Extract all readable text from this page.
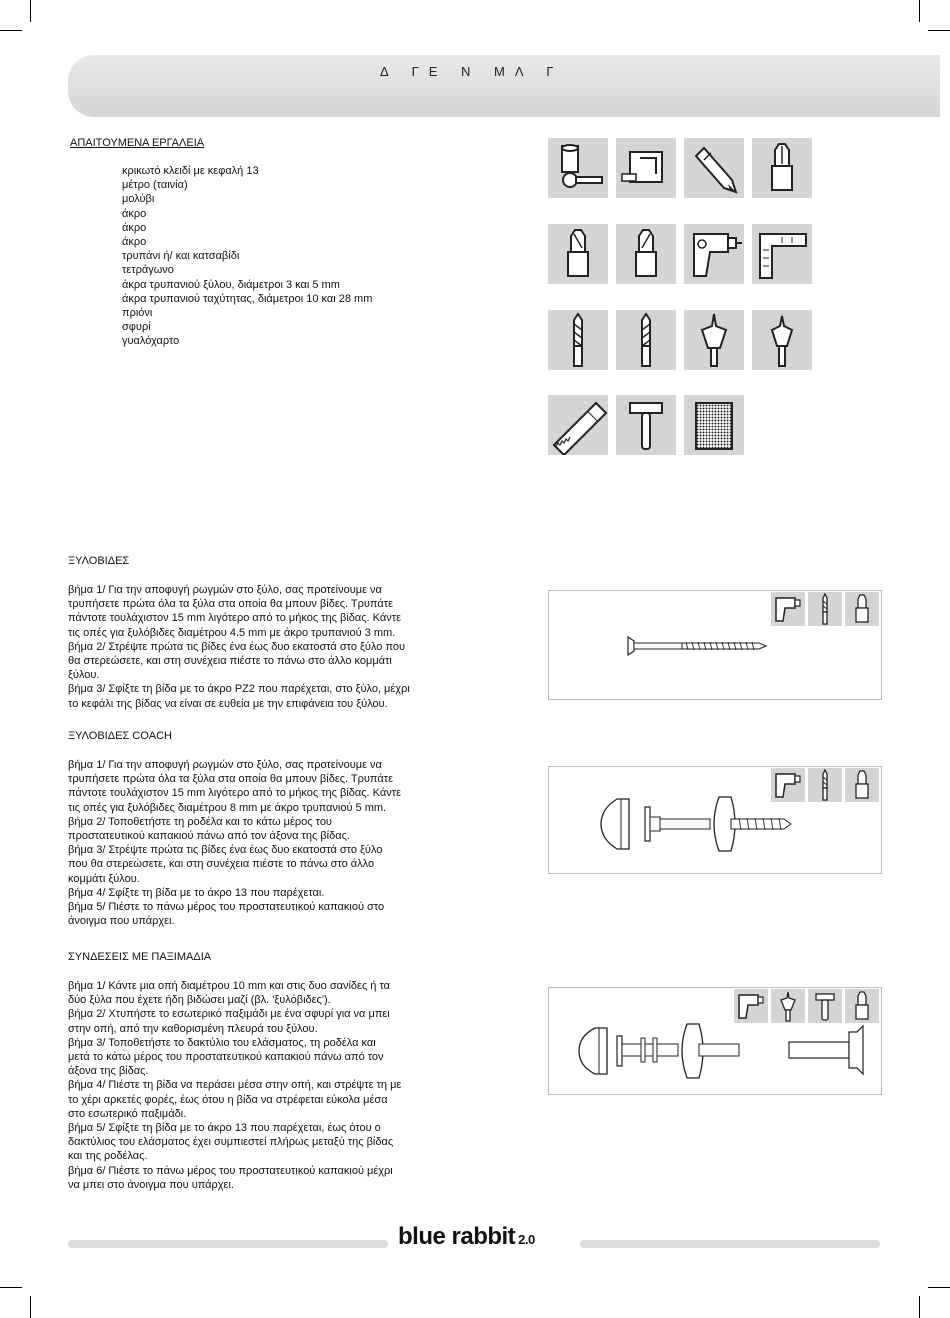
Δ ΓΕ Ν ΜΛ Γ
ΑΠΑΙΤΟΥΜΕΝΑ ΕΡΓΑΛΕΙΑ
κρικωτό κλειδί με κεφαλή 13
μέτρο (ταινία)
μολύβι
άκρο
άκρο
άκρο
τρυπάνι ή/ και κατσαβίδι
τετράγωνο
άκρα τρυπανιού ξύλου, διάμετροι 3 και 5 mm
άκρα τρυπανιού ταχύτητας, διάμετροι 10 και 28 mm
πριόνι
σφυρί
γυαλόχαρτο
ΞΥΛΟΒΙΔΕΣ
βήμα 1/ Για την αποφυγή ρωγμών στο ξύλο, σας προτείνουμε να
τρυπήσετε πρώτα όλα τα ξύλα στα οποία θα μπουν βίδες. Τρυπάτε
πάντοτε τουλάχιστον 15 mm λιγότερο από το μήκος της βίδας. Κάντε
τις οπές για ξυλόβιδες διαμέτρου 4.5 mm με άκρο τρυπανιού 3 mm.
βήμα 2/ Στρέψτε πρώτα τις βίδες ένα έως δυο εκατοστά στο ξύλο που
θα στερεώσετε, και στη συνέχεια πιέστε το πάνω στο άλλο κομμάτι
ξύλου.
βήμα 3/ Σφίξτε τη βίδα με το άκρο PZ2 που παρέχεται, στο ξύλο, μέχρι
το κεφάλι της βίδας να είναι σε ευθεία με την επιφάνεια του ξύλου.
ΞΥΛΟΒΙΔΕΣ COACH
βήμα 1/ Για την αποφυγή ρωγμών στο ξύλο, σας προτείνουμε να
τρυπήσετε πρώτα όλα τα ξύλα στα οποία θα μπουν βίδες. Τρυπάτε
πάντοτε τουλάχιστον 15 mm λιγότερο από το μήκος της βίδας. Κάντε
τις οπές για ξυλόβιδες διαμέτρου 8 mm με άκρο τρυπανιού 5 mm.
βήμα 2/ Τοποθετήστε τη ροδέλα και το κάτω μέρος του
προστατευτικού καπακιού πάνω από τον άξονα της βίδας.
βήμα 3/ Στρέψτε πρώτα τις βίδες ένα έως δυο εκατοστά στο ξύλο
που θα στερεώσετε, και στη συνέχεια πιέστε το πάνω στο άλλο
κομμάτι ξύλου.
βήμα 4/ Σφίξτε τη βίδα με το άκρο 13 που παρέχεται.
βήμα 5/ Πιέστε το πάνω μέρος του προστατευτικού καπακιού στο
άνοιγμα που υπάρχει.
ΣΥΝΔΕΣΕΙΣ ΜΕ ΠΑΞΙΜΑΔΙΑ
βήμα 1/ Κάντε μια οπή διαμέτρου 10 mm και στις δυο σανίδες ή τα
δύο ξύλα που έχετε ήδη βιδώσει μαζί (βλ. 'ξυλόβιδες').
βήμα 2/ Χτυπήστε το εσωτερικό παξιμάδι με ένα σφυρί για να μπει
στην οπή, από την καθορισμένη πλευρά του ξύλου.
βήμα 3/ Τοποθετήστε το δακτύλιο του ελάσματος, τη ροδέλα και
μετά το κάτω μέρος του προστατευτικού καπακιού πάνω από τον
άξονα της βίδας.
βήμα 4/ Πιέστε τη βίδα να περάσει μέσα στην οπή, και στρέψτε τη με
το χέρι αρκετές φορές, έως ότου η βίδα να στρέφεται εύκολα μέσα
στο εσωτερικό παξιμάδι.
βήμα 5/ Σφίξτε τη βίδα με το άκρο 13 που παρέχεται, έως ότου ο
δακτύλιος του ελάσματος έχει συμπιεστεί πλήρως μεταξύ της βίδας
και της ροδέλας.
βήμα 6/ Πιέστε το πάνω μέρος του προστατευτικού καπακιού μέχρι
να μπει στο άνοιγμα που υπάρχει.
blue rabbit 2.0
